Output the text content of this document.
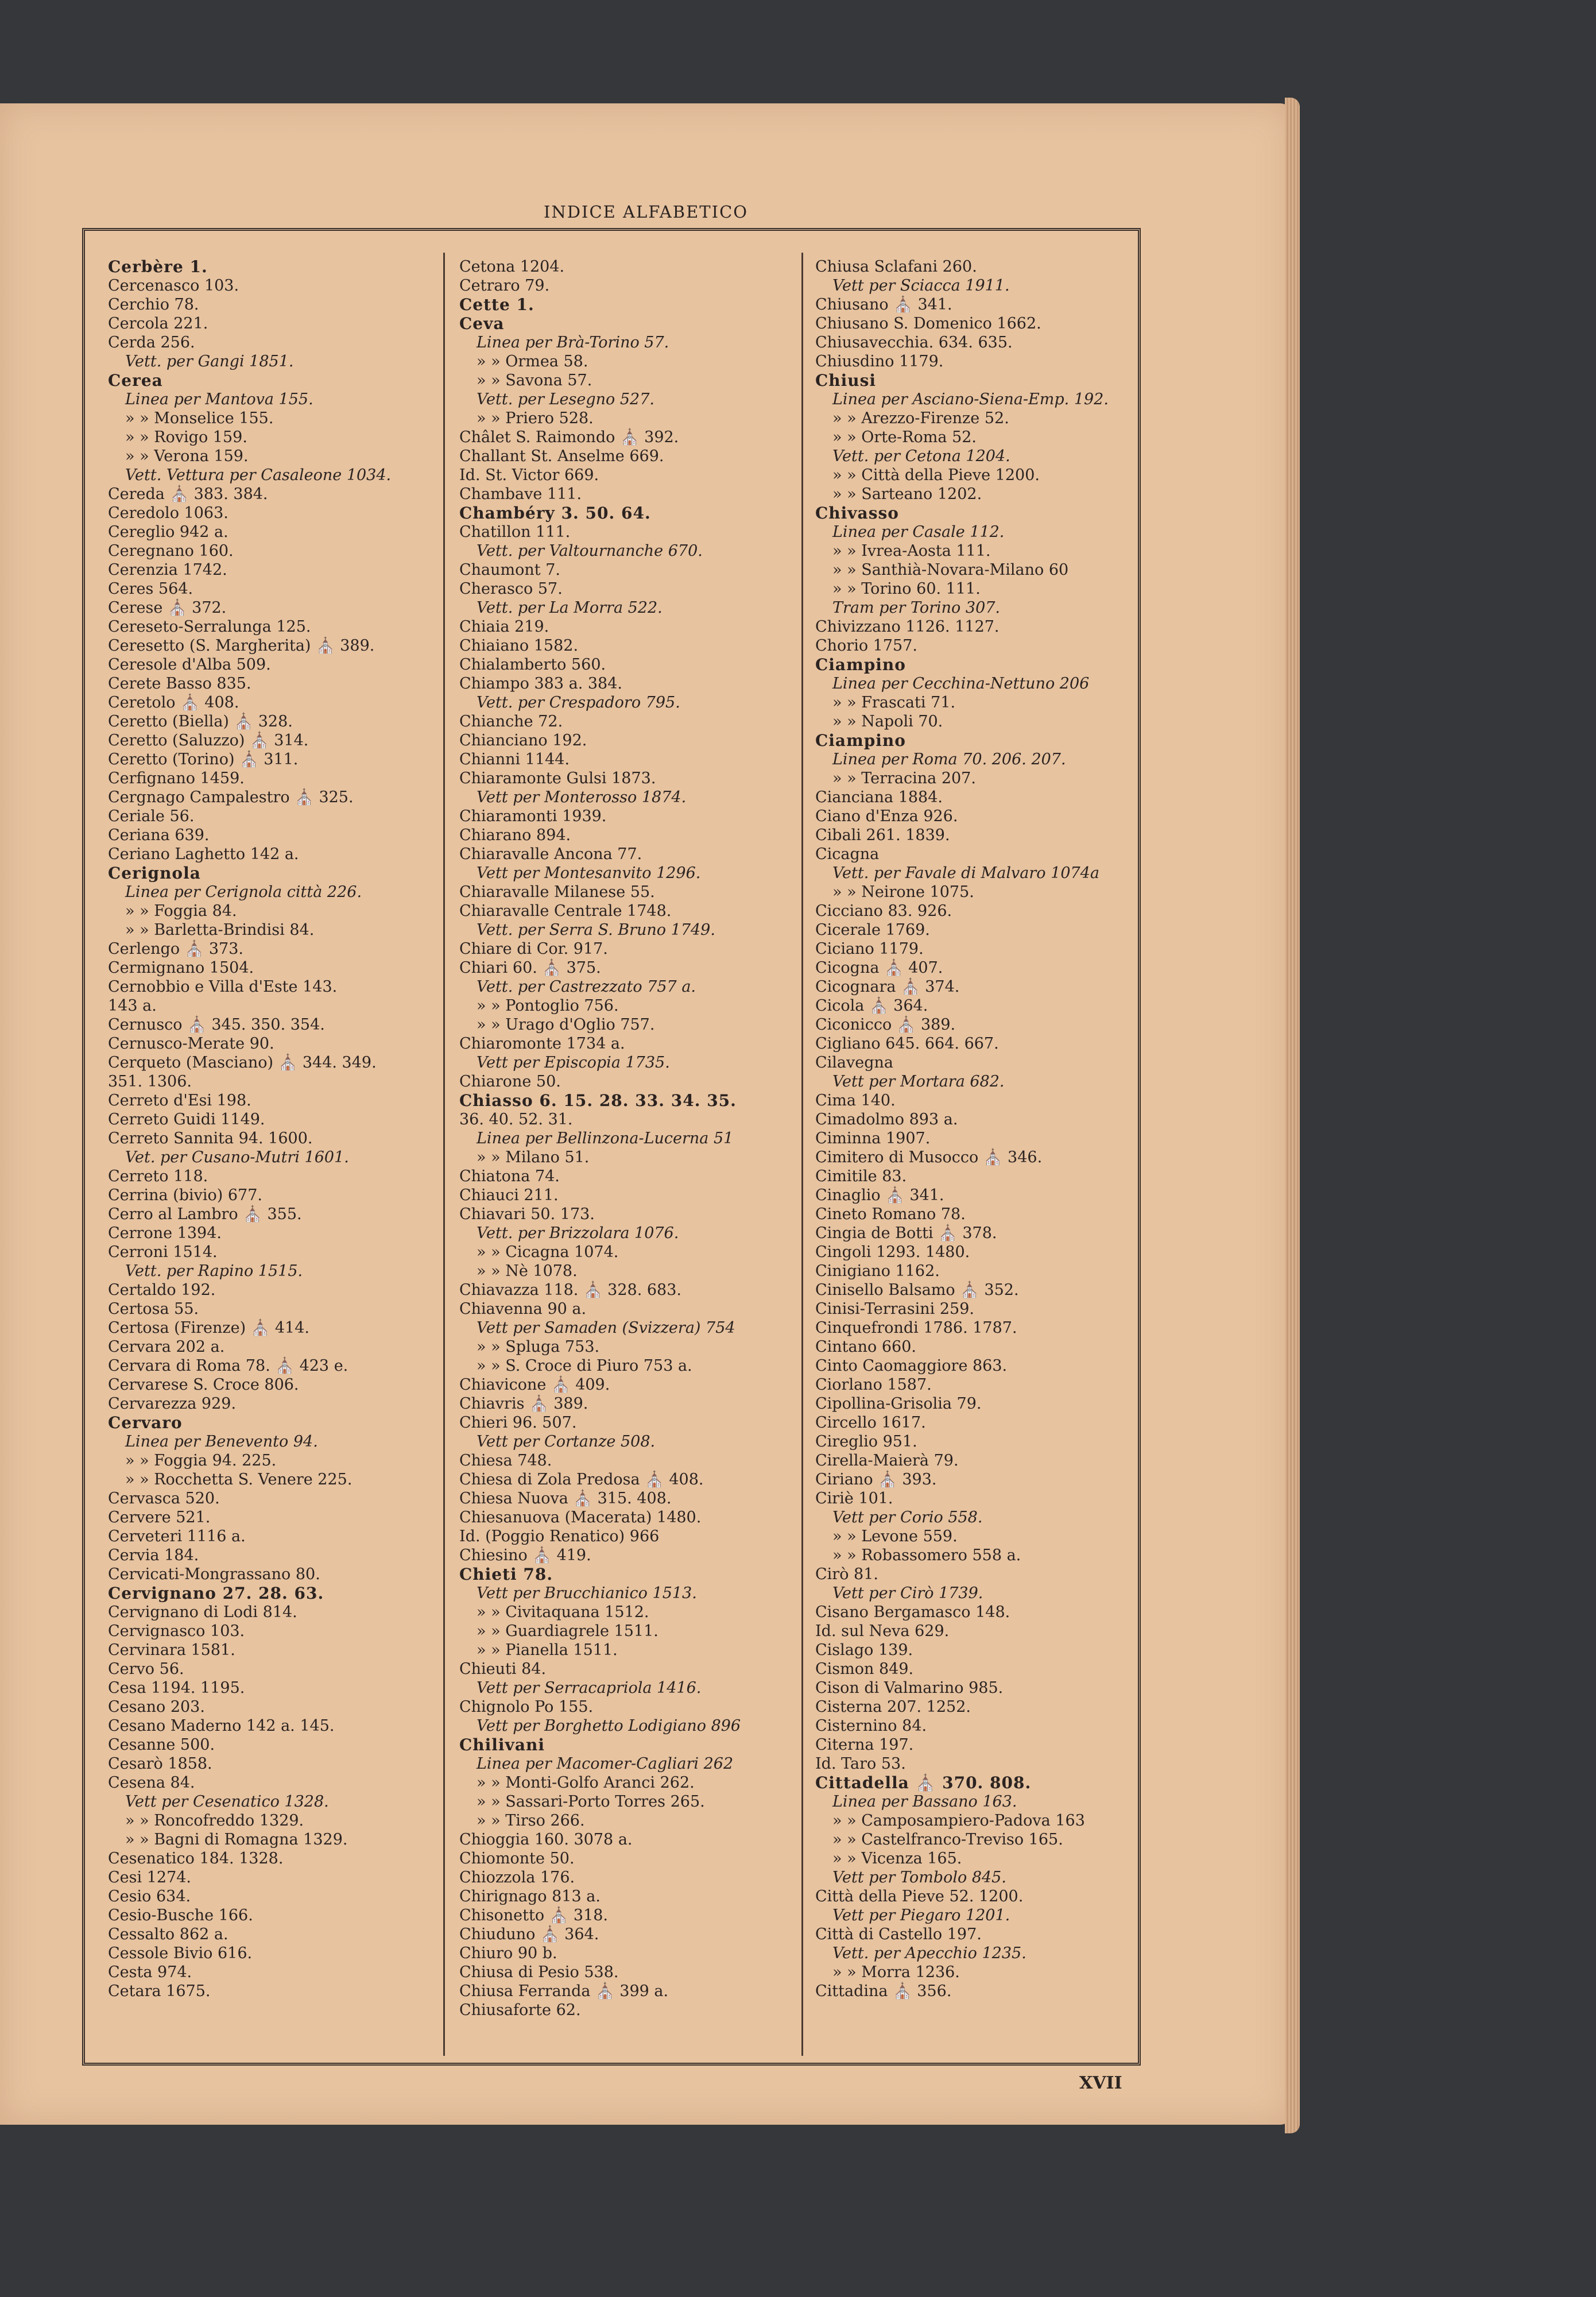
INDICE ALFABETICO
Cerbère 1.
Cercenasco 103.
Cerchio 78.
Cercola 221.
Cerda 256.
Vett. per Gangi 1851.
Cerea
Linea per Mantova 155.
» » Monselice 155.
» » Rovigo 159.
» » Verona 159.
Vett. Vettura per Casaleone 1034.
Cereda ⛪ 383. 384.
Ceredolo 1063.
Cereglio 942 a.
Ceregnano 160.
Cerenzia 1742.
Ceres 564.
Cerese ⛪ 372.
Cereseto-Serralunga 125.
Ceresetto (S. Margherita) ⛪ 389.
Ceresole d'Alba 509.
Cerete Basso 835.
Ceretolo ⛪ 408.
Ceretto (Biella) ⛪ 328.
Ceretto (Saluzzo) ⛪ 314.
Ceretto (Torino) ⛪ 311.
Cerfignano 1459.
Cergnago Campalestro ⛪ 325.
Ceriale 56.
Ceriana 639.
Ceriano Laghetto 142 a.
Cerignola
Linea per Cerignola città 226.
» » Foggia 84.
» » Barletta-Brindisi 84.
Cerlengo ⛪ 373.
Cermignano 1504.
Cernobbio e Villa d'Este 143.
143 a.
Cernusco ⛪ 345. 350. 354.
Cernusco-Merate 90.
Cerqueto (Masciano) ⛪ 344. 349.
351. 1306.
Cerreto d'Esi 198.
Cerreto Guidi 1149.
Cerreto Sannita 94. 1600.
Vet. per Cusano-Mutri 1601.
Cerreto 118.
Cerrina (bivio) 677.
Cerro al Lambro ⛪ 355.
Cerrone 1394.
Cerroni 1514.
Vett. per Rapino 1515.
Certaldo 192.
Certosa 55.
Certosa (Firenze) ⛪ 414.
Cervara 202 a.
Cervara di Roma 78. ⛪ 423 e.
Cervarese S. Croce 806.
Cervarezza 929.
Cervaro
Linea per Benevento 94.
» » Foggia 94. 225.
» » Rocchetta S. Venere 225.
Cervasca 520.
Cervere 521.
Cerveteri 1116 a.
Cervia 184.
Cervicati-Mongrassano 80.
Cervignano 27. 28. 63.
Cervignano di Lodi 814.
Cervignasco 103.
Cervinara 1581.
Cervo 56.
Cesa 1194. 1195.
Cesano 203.
Cesano Maderno 142 a. 145.
Cesanne 500.
Cesarò 1858.
Cesena 84.
Vett per Cesenatico 1328.
» » Roncofreddo 1329.
» » Bagni di Romagna 1329.
Cesenatico 184. 1328.
Cesi 1274.
Cesio 634.
Cesio-Busche 166.
Cessalto 862 a.
Cessole Bivio 616.
Cesta 974.
Cetara 1675.
Cetona 1204.
Cetraro 79.
Cette 1.
Ceva
Linea per Brà-Torino 57.
» » Ormea 58.
» » Savona 57.
Vett. per Lesegno 527.
» » Priero 528.
Châlet S. Raimondo ⛪ 392.
Challant St. Anselme 669.
Id. St. Victor 669.
Chambave 111.
Chambéry 3. 50. 64.
Chatillon 111.
Vett. per Valtournanche 670.
Chaumont 7.
Cherasco 57.
Vett. per La Morra 522.
Chiaia 219.
Chiaiano 1582.
Chialamberto 560.
Chiampo 383 a. 384.
Vett. per Crespadoro 795.
Chianche 72.
Chianciano 192.
Chianni 1144.
Chiaramonte Gulsi 1873.
Vett per Monterosso 1874.
Chiaramonti 1939.
Chiarano 894.
Chiaravalle Ancona 77.
Vett per Montesanvito 1296.
Chiaravalle Milanese 55.
Chiaravalle Centrale 1748.
Vett. per Serra S. Bruno 1749.
Chiare di Cor. 917.
Chiari 60. ⛪ 375.
Vett. per Castrezzato 757 a.
» » Pontoglio 756.
» » Urago d'Oglio 757.
Chiaromonte 1734 a.
Vett per Episcopia 1735.
Chiarone 50.
Chiasso 6. 15. 28. 33. 34. 35.
36. 40. 52. 31.
Linea per Bellinzona-Lucerna 51
» » Milano 51.
Chiatona 74.
Chiauci 211.
Chiavari 50. 173.
Vett. per Brizzolara 1076.
» » Cicagna 1074.
» » Nè 1078.
Chiavazza 118. ⛪ 328. 683.
Chiavenna 90 a.
Vett per Samaden (Svizzera) 754
» » Spluga 753.
» » S. Croce di Piuro 753 a.
Chiavicone ⛪ 409.
Chiavris ⛪ 389.
Chieri 96. 507.
Vett per Cortanze 508.
Chiesa 748.
Chiesa di Zola Predosa ⛪ 408.
Chiesa Nuova ⛪ 315. 408.
Chiesanuova (Macerata) 1480.
Id. (Poggio Renatico) 966
Chiesino ⛪ 419.
Chieti 78.
Vett per Brucchianico 1513.
» » Civitaquana 1512.
» » Guardiagrele 1511.
» » Pianella 1511.
Chieuti 84.
Vett per Serracapriola 1416.
Chignolo Po 155.
Vett per Borghetto Lodigiano 896
Chilivani
Linea per Macomer-Cagliari 262
» » Monti-Golfo Aranci 262.
» » Sassari-Porto Torres 265.
» » Tirso 266.
Chioggia 160. 3078 a.
Chiomonte 50.
Chiozzola 176.
Chirignago 813 a.
Chisonetto ⛪ 318.
Chiuduno ⛪ 364.
Chiuro 90 b.
Chiusa di Pesio 538.
Chiusa Ferranda ⛪ 399 a.
Chiusaforte 62.
Chiusa Sclafani 260.
Vett per Sciacca 1911.
Chiusano ⛪ 341.
Chiusano S. Domenico 1662.
Chiusavecchia. 634. 635.
Chiusdino 1179.
Chiusi
Linea per Asciano-Siena-Emp. 192.
» » Arezzo-Firenze 52.
» » Orte-Roma 52.
Vett. per Cetona 1204.
» » Città della Pieve 1200.
» » Sarteano 1202.
Chivasso
Linea per Casale 112.
» » Ivrea-Aosta 111.
» » Santhià-Novara-Milano 60
» » Torino 60. 111.
Tram per Torino 307.
Chivizzano 1126. 1127.
Chorio 1757.
Ciampino
Linea per Cecchina-Nettuno 206
» » Frascati 71.
» » Napoli 70.
Ciampino
Linea per Roma 70. 206. 207.
» » Terracina 207.
Cianciana 1884.
Ciano d'Enza 926.
Cibali 261. 1839.
Cicagna
Vett. per Favale di Malvaro 1074a
» » Neirone 1075.
Cicciano 83. 926.
Cicerale 1769.
Ciciano 1179.
Cicogna ⛪ 407.
Cicognara ⛪ 374.
Cicola ⛪ 364.
Ciconicco ⛪ 389.
Cigliano 645. 664. 667.
Cilavegna
Vett per Mortara 682.
Cima 140.
Cimadolmo 893 a.
Ciminna 1907.
Cimitero di Musocco ⛪ 346.
Cimitile 83.
Cinaglio ⛪ 341.
Cineto Romano 78.
Cingia de Botti ⛪ 378.
Cingoli 1293. 1480.
Cinigiano 1162.
Cinisello Balsamo ⛪ 352.
Cinisi-Terrasini 259.
Cinquefrondi 1786. 1787.
Cintano 660.
Cinto Caomaggiore 863.
Ciorlano 1587.
Cipollina-Grisolia 79.
Circello 1617.
Cireglio 951.
Cirella-Maierà 79.
Ciriano ⛪ 393.
Ciriè 101.
Vett per Corio 558.
» » Levone 559.
» » Robassomero 558 a.
Cirò 81.
Vett per Cirò 1739.
Cisano Bergamasco 148.
Id. sul Neva 629.
Cislago 139.
Cismon 849.
Cison di Valmarino 985.
Cisterna 207. 1252.
Cisternino 84.
Citerna 197.
Id. Taro 53.
Cittadella ⛪ 370. 808.
Linea per Bassano 163.
» » Camposampiero-Padova 163
» » Castelfranco-Treviso 165.
» » Vicenza 165.
Vett per Tombolo 845.
Città della Pieve 52. 1200.
Vett per Piegaro 1201.
Città di Castello 197.
Vett. per Apecchio 1235.
» » Morra 1236.
Cittadina ⛪ 356.
XVII
